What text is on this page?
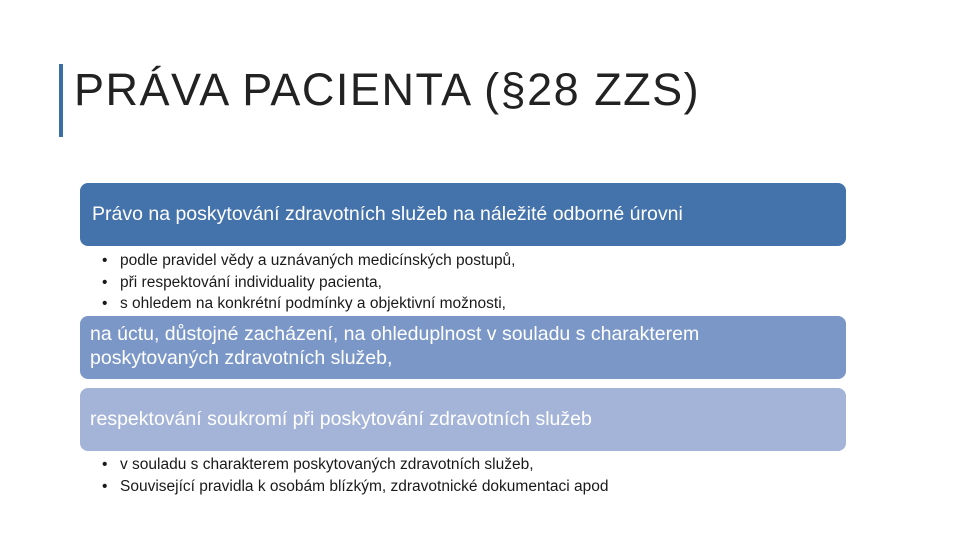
PRÁVA PACIENTA (§28 ZZS)
Právo na poskytování zdravotních služeb na náležité odborné úrovni
• podle pravidel vědy a uznávaných medicínských postupů,
• při respektování individuality pacienta,
• s ohledem na konkrétní podmínky a objektivní možnosti,
na úctu, důstojné zacházení, na ohleduplnost v souladu s charakterem
poskytovaných zdravotních služeb,
respektování soukromí při poskytování zdravotních služeb
• v souladu s charakterem poskytovaných zdravotních služeb,
• Související pravidla k osobám blízkým, zdravotnické dokumentaci apod
